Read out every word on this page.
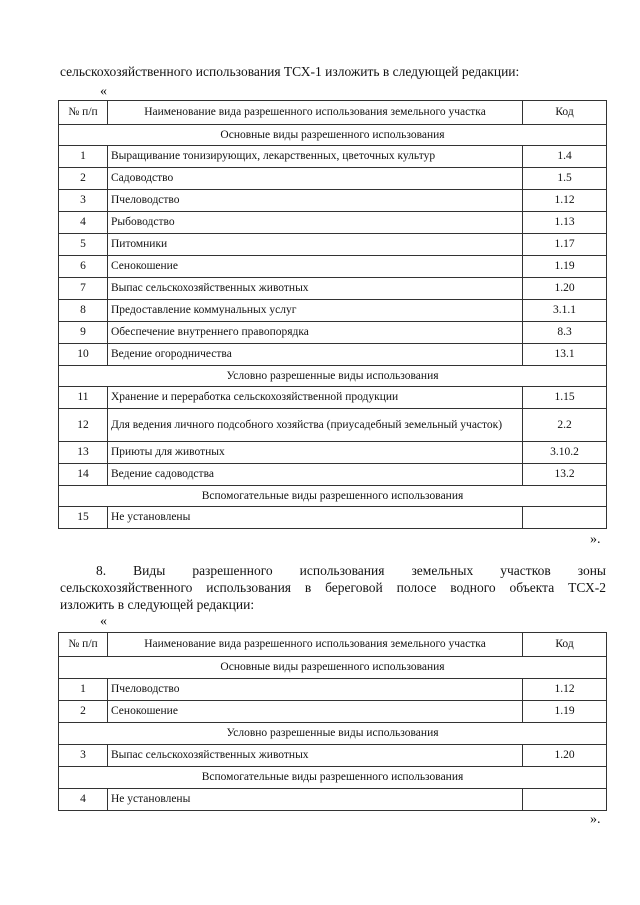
сельскохозяйственного использования ТСХ-1 изложить в следующей редакции:
«
№ п/п	Наименование вида разрешенного использования земельного участка	Код
Основные виды разрешенного использования		
1	Выращивание тонизирующих, лекарственных, цветочных культур	1.4
2	Садоводство	1.5
3	Пчеловодство	1.12
4	Рыбоводство	1.13
5	Питомники	1.17
6	Сенокошение	1.19
7	Выпас сельскохозяйственных животных	1.20
8	Предоставление коммунальных услуг	3.1.1
9	Обеспечение внутреннего правопорядка	8.3
10	Ведение огородничества	13.1
Условно разрешенные виды использования		
11	Хранение и переработка сельскохозяйственной продукции	1.15
12	Для ведения личного подсобного хозяйства (приусадебный земельный участок)	2.2
13	Приюты для животных	3.10.2
14	Ведение садоводства	13.2
Вспомогательные виды разрешенного использования		
15	Не установлены	
».
8. Виды разрешенного использования земельных участков зоны
сельскохозяйственного использования в береговой полосе водного объекта ТСХ-2
изложить в следующей редакции:
«
№ п/п	Наименование вида разрешенного использования земельного участка	Код
Основные виды разрешенного использования		
1	Пчеловодство	1.12
2	Сенокошение	1.19
Условно разрешенные виды использования		
3	Выпас сельскохозяйственных животных	1.20
Вспомогательные виды разрешенного использования		
4	Не установлены	
».
